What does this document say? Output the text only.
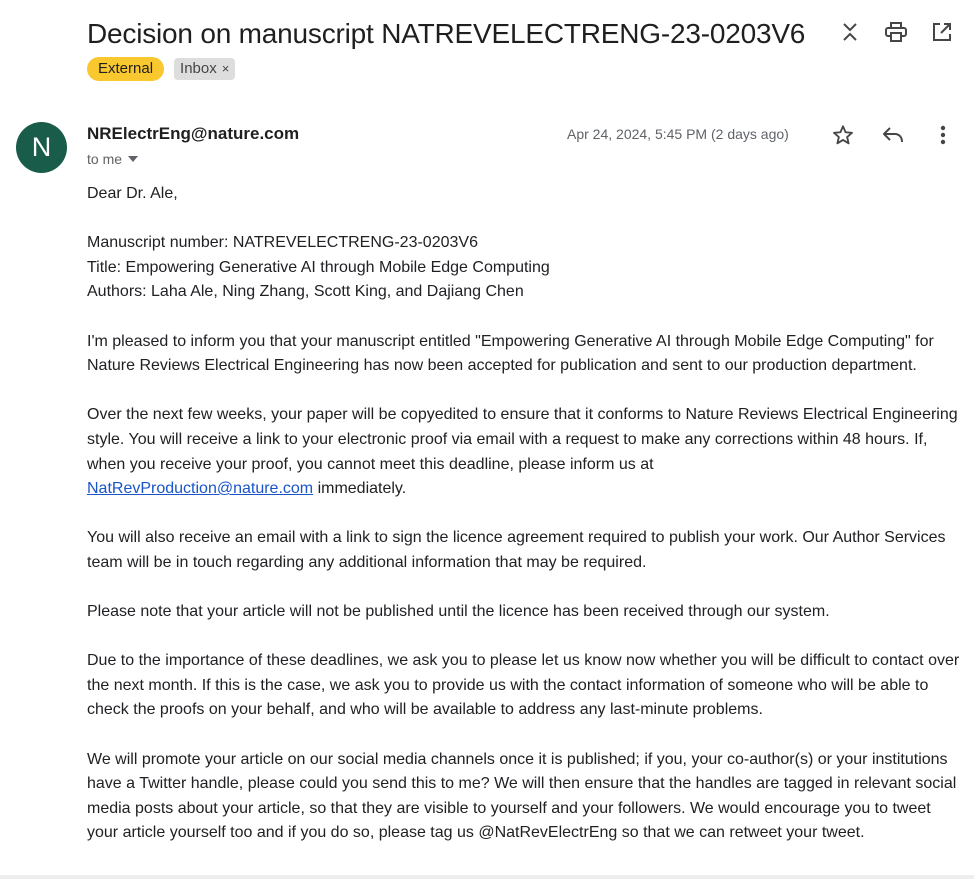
Decision on manuscript NATREVELECTRENG-23-0203V6
External	Inbox ×
N	NRElectrEng@nature.com
to me
Apr 24, 2024, 5:45 PM (2 days ago)

Dear Dr. Ale,

Manuscript number: NATREVELECTRENG-23-0203V6

Title: Empowering Generative AI through Mobile Edge Computing

Authors: Laha Ale, Ning Zhang, Scott King, and Dajiang Chen

I'm pleased to inform you that your manuscript entitled "Empowering Generative AI through Mobile Edge Computing" for Nature Reviews Electrical Engineering has now been accepted for publication and sent to our production department.

Over the next few weeks, your paper will be copyedited to ensure that it conforms to Nature Reviews Electrical Engineering style. You will receive a link to your electronic proof via email with a request to make any corrections within 48 hours. If, when you receive your proof, you cannot meet this deadline, please inform us at
NatRevProduction@nature.com immediately.

You will also receive an email with a link to sign the licence agreement required to publish your work. Our Author Services team will be in touch regarding any additional information that may be required.

Please note that your article will not be published until the licence has been received through our system.

Due to the importance of these deadlines, we ask you to please let us know now whether you will be difficult to contact over the next month. If this is the case, we ask you to provide us with the contact information of someone who will be able to check the proofs on your behalf, and who will be available to address any last-minute problems.

We will promote your article on our social media channels once it is published; if you, your co-author(s) or your institutions have a Twitter handle, please could you send this to me? We will then ensure that the handles are tagged in relevant social media posts about your article, so that they are visible to yourself and your followers. We would encourage you to tweet your article yourself too and if you do so, please tag us @NatRevElectrEng so that we can retweet your tweet.
